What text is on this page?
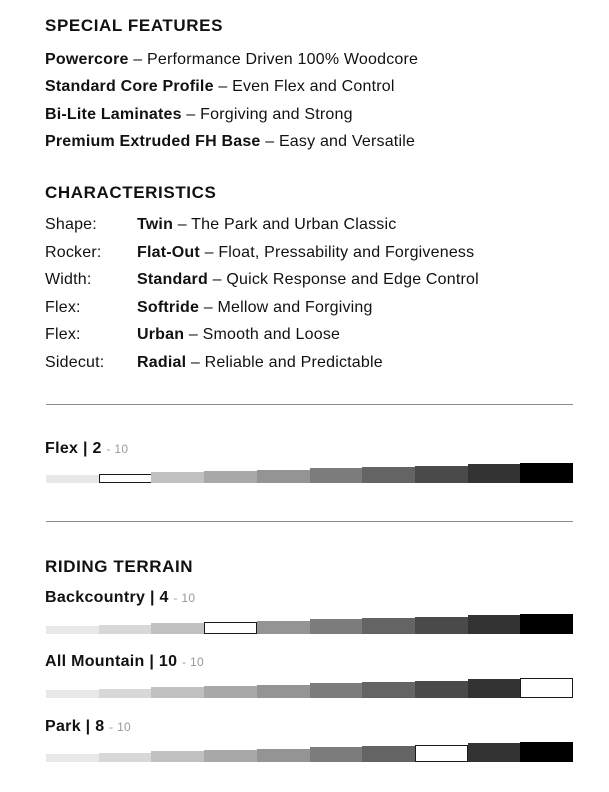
SPECIAL FEATURES
Powercore – Performance Driven 100% Woodcore
Standard Core Profile – Even Flex and Control
Bi-Lite Laminates – Forgiving and Strong
Premium Extruded FH Base – Easy and Versatile
CHARACTERISTICS
Shape:	Twin – The Park and Urban Classic
Rocker: Flat-Out – Float, Pressability and Forgiveness
Width:	Standard – Quick Response and Edge Control
Flex:	Softride – Mellow and Forgiving
Flex:	Urban – Smooth and Loose
Sidecut: Radial – Reliable and Predictable
Flex | 2 - 10
RIDING TERRAIN
Backcountry | 4 - 10
All Mountain | 10 - 10
Park | 8 - 10
